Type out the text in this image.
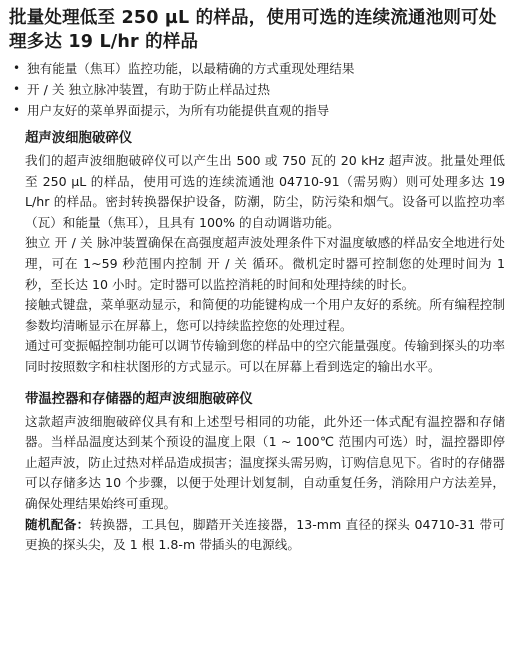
批量处理低至 250 µL 的样品，使用可选的连续流通池则可处理多达 19 L/hr 的样品
• 独有能量（焦耳）监控功能，以最精确的方式重现处理结果
• 开 / 关 独立脉冲装置，有助于防止样品过热
• 用户友好的菜单界面提示，为所有功能提供直观的指导
超声波细胞破碎仪

我们的超声波细胞破碎仪可以产生出 500 或 750 瓦的 20 kHz 超声波。批量处理低至 250 µL 的样品，使用可选的连续流通池 04710-91（需另购）则可处理多达 19 L/hr 的样品。密封转换器保护设备，防潮，防尘，防污染和烟气。设备可以监控功率（瓦）和能量（焦耳），且具有 100% 的自动调谐功能。

独立 开 / 关 脉冲装置确保在高强度超声波处理条件下对温度敏感的样品安全地进行处理，可在 1~59 秒范围内控制 开 / 关 循环。微机定时器可控制您的处理时间为 1 秒，至长达 10 小时。定时器可以监控消耗的时间和处理持续的时长。

接触式键盘，菜单驱动显示，和简便的功能键构成一个用户友好的系统。所有编程控制参数均清晰显示在屏幕上，您可以持续监控您的处理过程。

通过可变振幅控制功能可以调节传输到您的样品中的空穴能量强度。传输到探头的功率同时按照数字和柱状图形的方式显示。可以在屏幕上看到选定的输出水平。

带温控器和存储器的超声波细胞破碎仪

这款超声波细胞破碎仪具有和上述型号相同的功能，此外还一体式配有温控器和存储器。当样品温度达到某个预设的温度上限（1 ~ 100℃ 范围内可选）时，温控器即停止超声波，防止过热对样品造成损害；温度探头需另购，订购信息见下。省时的存储器可以存储多达 10 个步骤，以便于处理计划复制，自动重复任务，消除用户方法差异，确保处理结果始终可重现。

随机配备：转换器，工具包，脚踏开关连接器，13-mm 直径的探头 04710-31 带可更换的探头尖，及 1 根 1.8-m 带插头的电源线。
